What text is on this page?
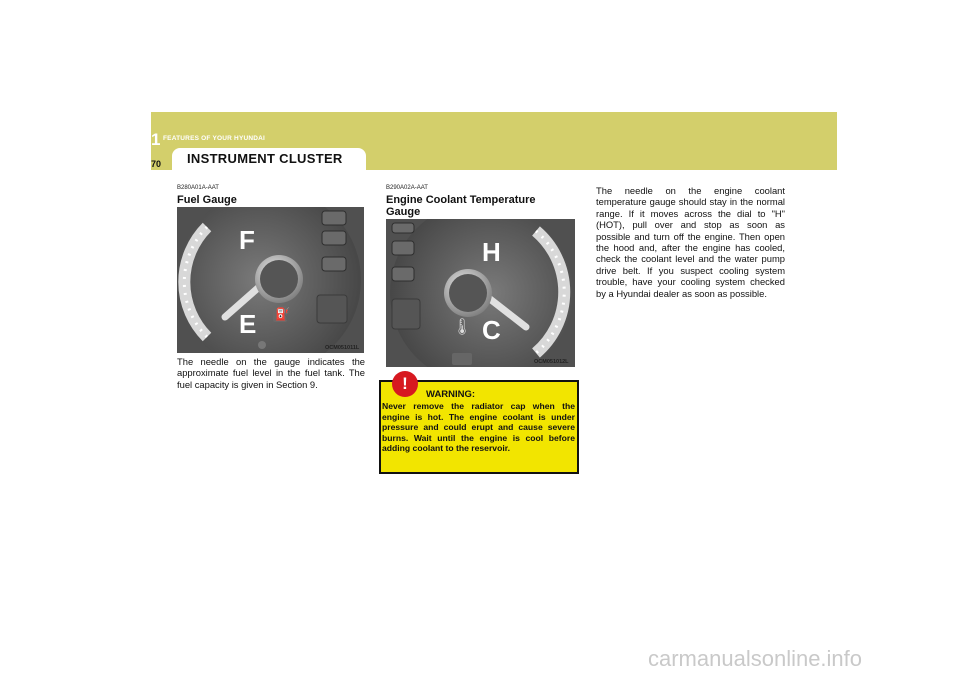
1 FEATURES OF YOUR HYUNDAI
70 INSTRUMENT CLUSTER
B280A01A-AAT
Fuel Gauge
F
E ⛽
OCM051011L
The needle on the gauge indicates the approximate fuel level in the fuel tank. The fuel capacity is given in Section 9.
B290A02A-AAT
Engine Coolant Temperature
Gauge
H
C
🌡
OCM051012L
!
WARNING:
Never remove the radiator cap when the engine is hot. The engine coolant is under pressure and could erupt and cause severe burns. Wait until the engine is cool before adding coolant to the reservoir.
The needle on the engine coolant temperature gauge should stay in the normal range. If it moves across the dial to "H" (HOT), pull over and stop as soon as possible and turn off the engine. Then open the hood and, after the engine has cooled, check the coolant level and the water pump drive belt. If you suspect cooling system trouble, have your cooling system checked by a Hyundai dealer as soon as possible.
carmanualsonline.info
